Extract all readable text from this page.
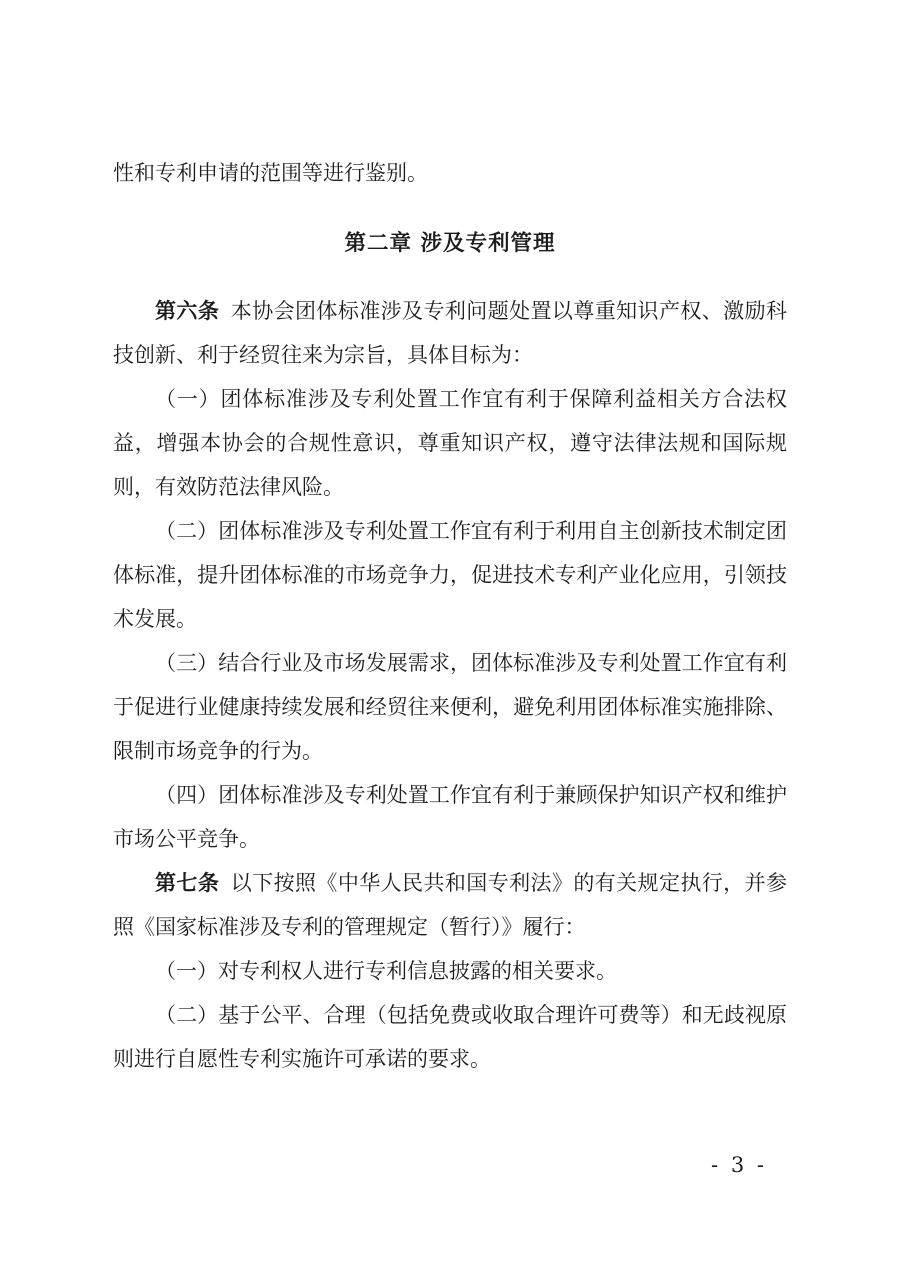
性和专利申请的范围等进行鉴别。

第二章 涉及专利管理

第六条 本协会团体标准涉及专利问题处置以尊重知识产权、激励科技创新、利于经贸往来为宗旨，具体目标为：

（一）团体标准涉及专利处置工作宜有利于保障利益相关方合法权益，增强本协会的合规性意识，尊重知识产权，遵守法律法规和国际规则，有效防范法律风险。

（二）团体标准涉及专利处置工作宜有利于利用自主创新技术制定团体标准，提升团体标准的市场竞争力，促进技术专利产业化应用，引领技术发展。

（三）结合行业及市场发展需求，团体标准涉及专利处置工作宜有利于促进行业健康持续发展和经贸往来便利，避免利用团体标准实施排除、限制市场竞争的行为。

（四）团体标准涉及专利处置工作宜有利于兼顾保护知识产权和维护市场公平竞争。

第七条 以下按照《中华人民共和国专利法》的有关规定执行，并参照《国家标准涉及专利的管理规定（暂行）》履行：

（一）对专利权人进行专利信息披露的相关要求。

（二）基于公平、合理（包括免费或收取合理许可费等）和无歧视原则进行自愿性专利实施许可承诺的要求。

- 3 -
